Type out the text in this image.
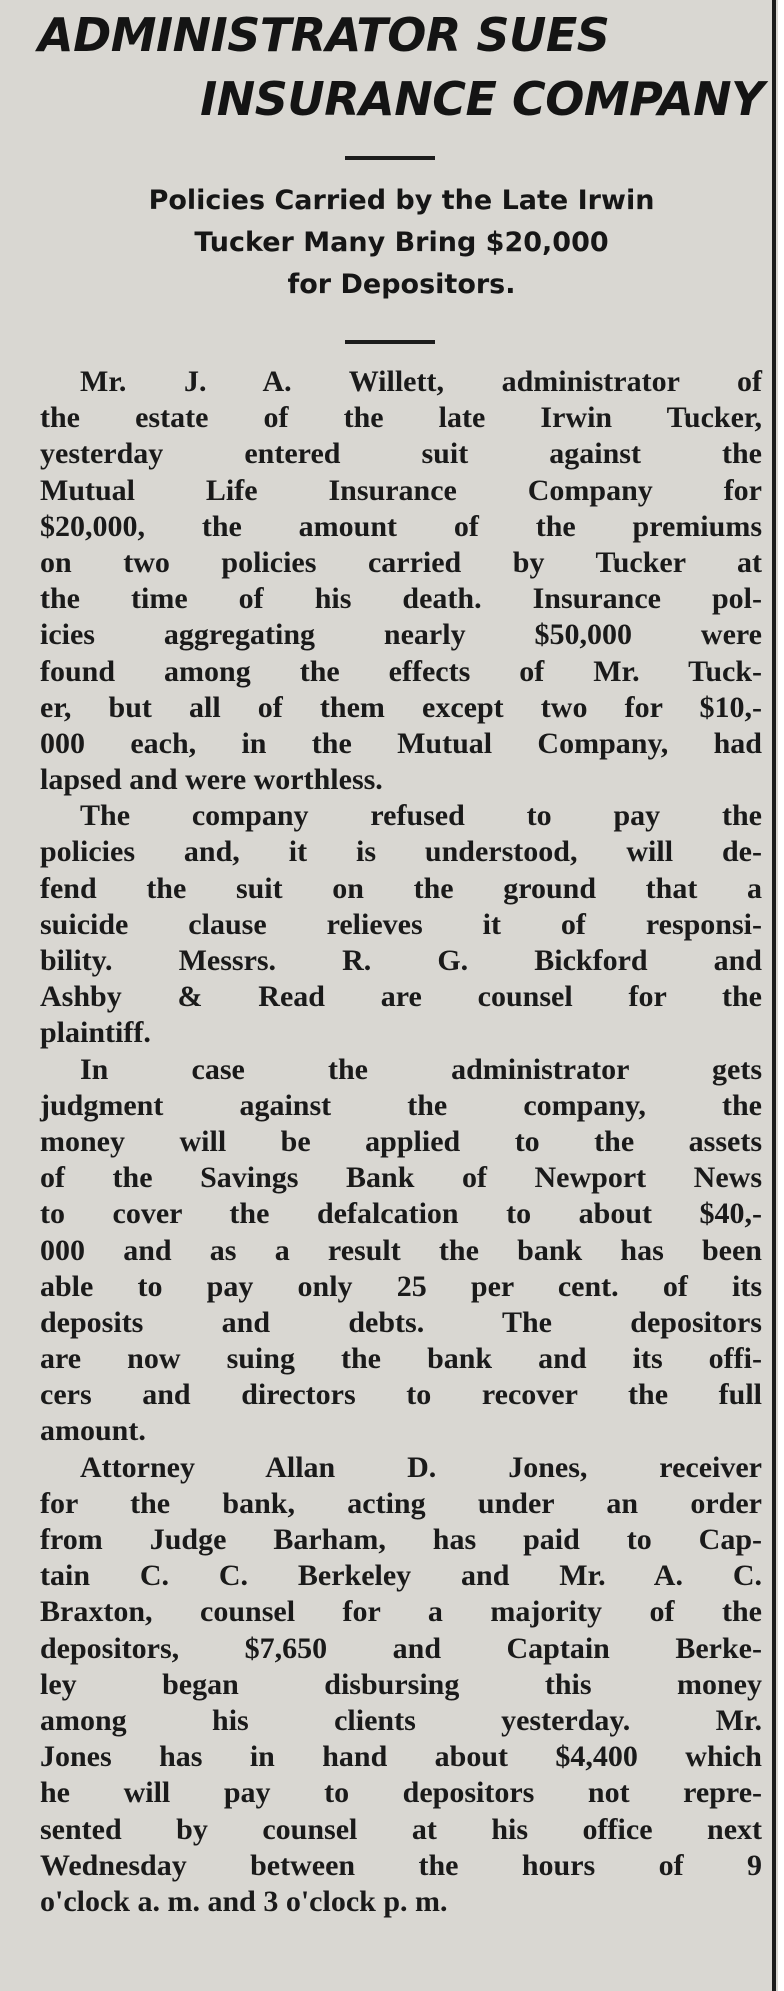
ADMINISTRATOR SUES
INSURANCE COMPANY
Policies Carried by the Late Irwin
Tucker Many Bring $20,000
for Depositors.
Mr. J. A. Willett, administrator of
the estate of the late Irwin Tucker,
yesterday entered suit against the
Mutual Life Insurance Company for
$20,000, the amount of the premiums
on two policies carried by Tucker at
the time of his death. Insurance pol-
icies aggregating nearly $50,000 were
found among the effects of Mr. Tuck-
er, but all of them except two for $10,-
000 each, in the Mutual Company, had
lapsed and were worthless.
The company refused to pay the
policies and, it is understood, will de-
fend the suit on the ground that a
suicide clause relieves it of responsi-
bility. Messrs. R. G. Bickford and
Ashby & Read are counsel for the
plaintiff.
In case the administrator gets
judgment against the company, the
money will be applied to the assets
of the Savings Bank of Newport News
to cover the defalcation to about $40,-
000 and as a result the bank has been
able to pay only 25 per cent. of its
deposits and debts. The depositors
are now suing the bank and its offi-
cers and directors to recover the full
amount.
Attorney Allan D. Jones, receiver
for the bank, acting under an order
from Judge Barham, has paid to Cap-
tain C. C. Berkeley and Mr. A. C.
Braxton, counsel for a majority of the
depositors, $7,650 and Captain Berke-
ley began disbursing this money
among his clients yesterday. Mr.
Jones has in hand about $4,400 which
he will pay to depositors not repre-
sented by counsel at his office next
Wednesday between the hours of 9
o'clock a. m. and 3 o'clock p. m.
